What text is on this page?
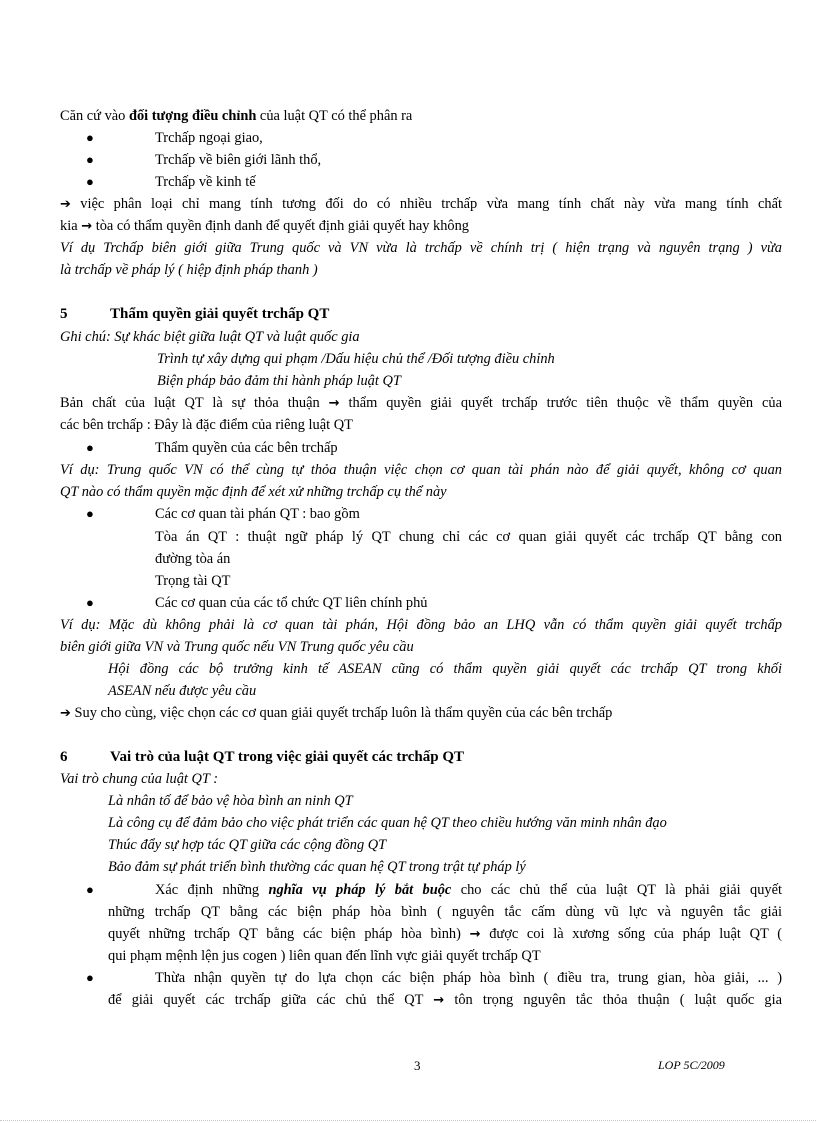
Căn cứ vào đối tượng điều chỉnh của luật QT có thể phân ra
●	Trchấp ngoại giao,
●	Trchấp về biên giới lãnh thổ,
●	Trchấp về kinh tế
➔ việc phân loại chỉ mang tính tương đối do có nhiều trchấp vừa mang tính chất này vừa mang tính chất
kia → tòa có thẩm quyền định danh để quyết định giải quyết hay không
Ví dụ Trchấp biên giới giữa Trung quốc và VN vừa là trchấp về chính trị ( hiện trạng và nguyên trạng ) vừa
là trchấp về pháp lý ( hiệp định pháp thanh )
5	Thẩm quyền giải quyết trchấp QT
Ghi chú: Sự khác biệt giữa luật QT và luật quốc gia
Trình tự xây dựng qui phạm /Dấu hiệu chủ thể /Đối tượng điều chỉnh
Biện pháp bảo đảm thi hành pháp luật QT
Bản chất của luật QT là sự thỏa thuận → thẩm quyền giải quyết trchấp trước tiên thuộc về thẩm quyền của
các bên trchấp : Đây là đặc điểm của riêng luật QT
●	Thẩm quyền của các bên trchấp
Ví dụ: Trung quốc VN có thể cùng tự thỏa thuận việc chọn cơ quan tài phán nào để giải quyết, không cơ quan
QT nào có thẩm quyền mặc định để xét xử những trchấp cụ thể này
●	Các cơ quan tài phán QT : bao gồm
Tòa án QT : thuật ngữ pháp lý QT chung chỉ các cơ quan giải quyết các trchấp QT bằng con
đường tòa án
Trọng tài QT
●	Các cơ quan của các tổ chức QT liên chính phủ
Ví dụ: Mặc dù không phải là cơ quan tài phán, Hội đồng bảo an LHQ vẫn có thẩm quyền giải quyết trchấp
biên giới giữa VN và Trung quốc nếu VN Trung quốc yêu cầu
Hội đồng các bộ trưởng kinh tế ASEAN cũng có thẩm quyền giải quyết các trchấp QT trong khối
ASEAN nếu được yêu cầu
➔ Suy cho cùng, việc chọn các cơ quan giải quyết trchấp luôn là thẩm quyền của các bên trchấp
6	Vai trò của luật QT trong việc giải quyết các trchấp QT
Vai trò chung của luật QT :
Là nhân tố để bảo vệ hòa bình an ninh QT
Là công cụ để đảm bảo cho việc phát triển các quan hệ QT theo chiều hướng văn minh nhân đạo
Thúc đẩy sự hợp tác QT giữa các cộng đồng QT
Bảo đảm sự phát triển bình thường các quan hệ QT trong trật tự pháp lý
●	Xác định những nghĩa vụ pháp lý bắt buộc cho các chủ thể của luật QT là phải giải quyết
những trchấp QT bằng các biện pháp hòa bình ( nguyên tắc cấm dùng vũ lực và nguyên tắc giải
quyết những trchấp QT bằng các biện pháp hòa bình) → được coi là xương sống của pháp luật QT (
qui phạm mệnh lện jus cogen ) liên quan đến lĩnh vực giải quyết trchấp QT
●	Thừa nhận quyền tự do lựa chọn các biện pháp hòa bình ( điều tra, trung gian, hòa giải, ... )
để giải quyết các trchấp giữa các chủ thể QT → tôn trọng nguyên tắc thỏa thuận ( luật quốc gia
3	LOP 5C/2009
